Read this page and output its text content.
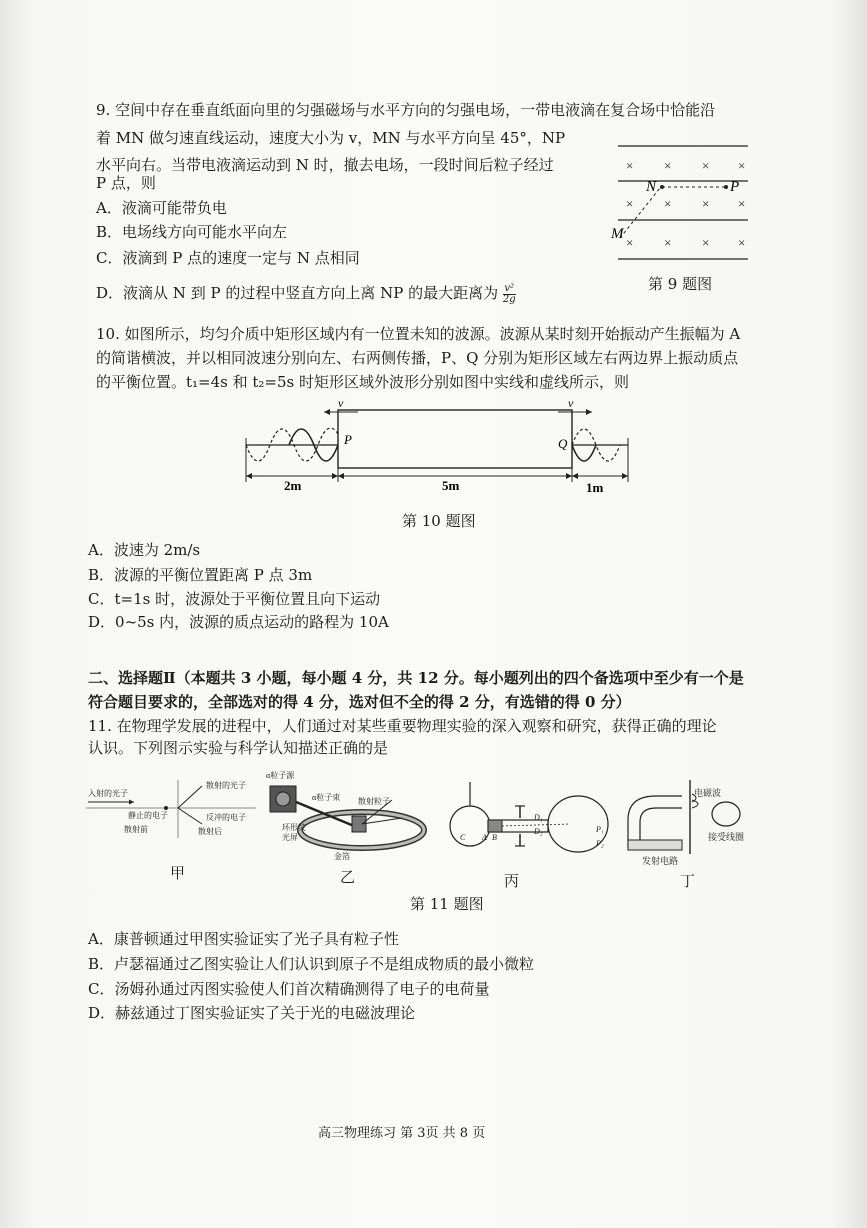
9. 空间中存在垂直纸面向里的匀强磁场与水平方向的匀强电场，一带电液滴在复合场中恰能沿
着 MN 做匀速直线运动，速度大小为 v，MN 与水平方向呈 45°，NP
水平向右。当带电液滴运动到 N 时，撤去电场，一段时间后粒子经过
P 点，则
A．液滴可能带负电
B．电场线方向可能水平向左
C．液滴到 P 点的速度一定与 N 点相同
D．液滴从 N 到 P 的过程中竖直方向上离 NP 的最大距离为 $\frac{\text{v²}}{2g}$
× × × ×
× × × ×
× × × ×
N	P
M
第 9 题图
10. 如图所示，均匀介质中矩形区域内有一位置未知的波源。波源从某时刻开始振动产生振幅为 A
的简谐横波，并以相同波速分别向左、右两侧传播，P、Q 分别为矩形区域左右两边界上振动质点
的平衡位置。t₁=4s 和 t₂=5s 时矩形区域外波形分别如图中实线和虚线所示，则
v	v
P	Q
2m	5m	1m
第 10 题图
A．波速为 2m/s
B．波源的平衡位置距离 P 点 3m
C．t=1s 时，波源处于平衡位置且向下运动
D．0~5s 内，波源的质点运动的路程为 10A
二、选择题Ⅱ（本题共 3 小题，每小题 4 分，共 12 分。每小题列出的四个备选项中至少有一个是
符合题目要求的，全部选对的得 4 分，选对但不全的得 2 分，有选错的得 0 分）
11. 在物理学发展的进程中，人们通过对某些重要物理实验的深入观察和研究，获得正确的理论
认识。下列图示实验与科学认知描述正确的是
入射的光子
静止的电子
散射前
散射的光子
反冲的电子
散射后
甲
α粒子源
α粒子束 散射粒子
环形荧
光屏
金箔
乙
C A B
D₁
D₂	P₁
P₂
丙
电磁波
接受线圈
发射电路
丁
第 11 题图
A．康普顿通过甲图实验证实了光子具有粒子性
B．卢瑟福通过乙图实验让人们认识到原子不是组成物质的最小微粒
C．汤姆孙通过丙图实验使人们首次精确测得了电子的电荷量
D．赫兹通过丁图实验证实了关于光的电磁波理论
高三物理练习 第 3页 共 8 页
